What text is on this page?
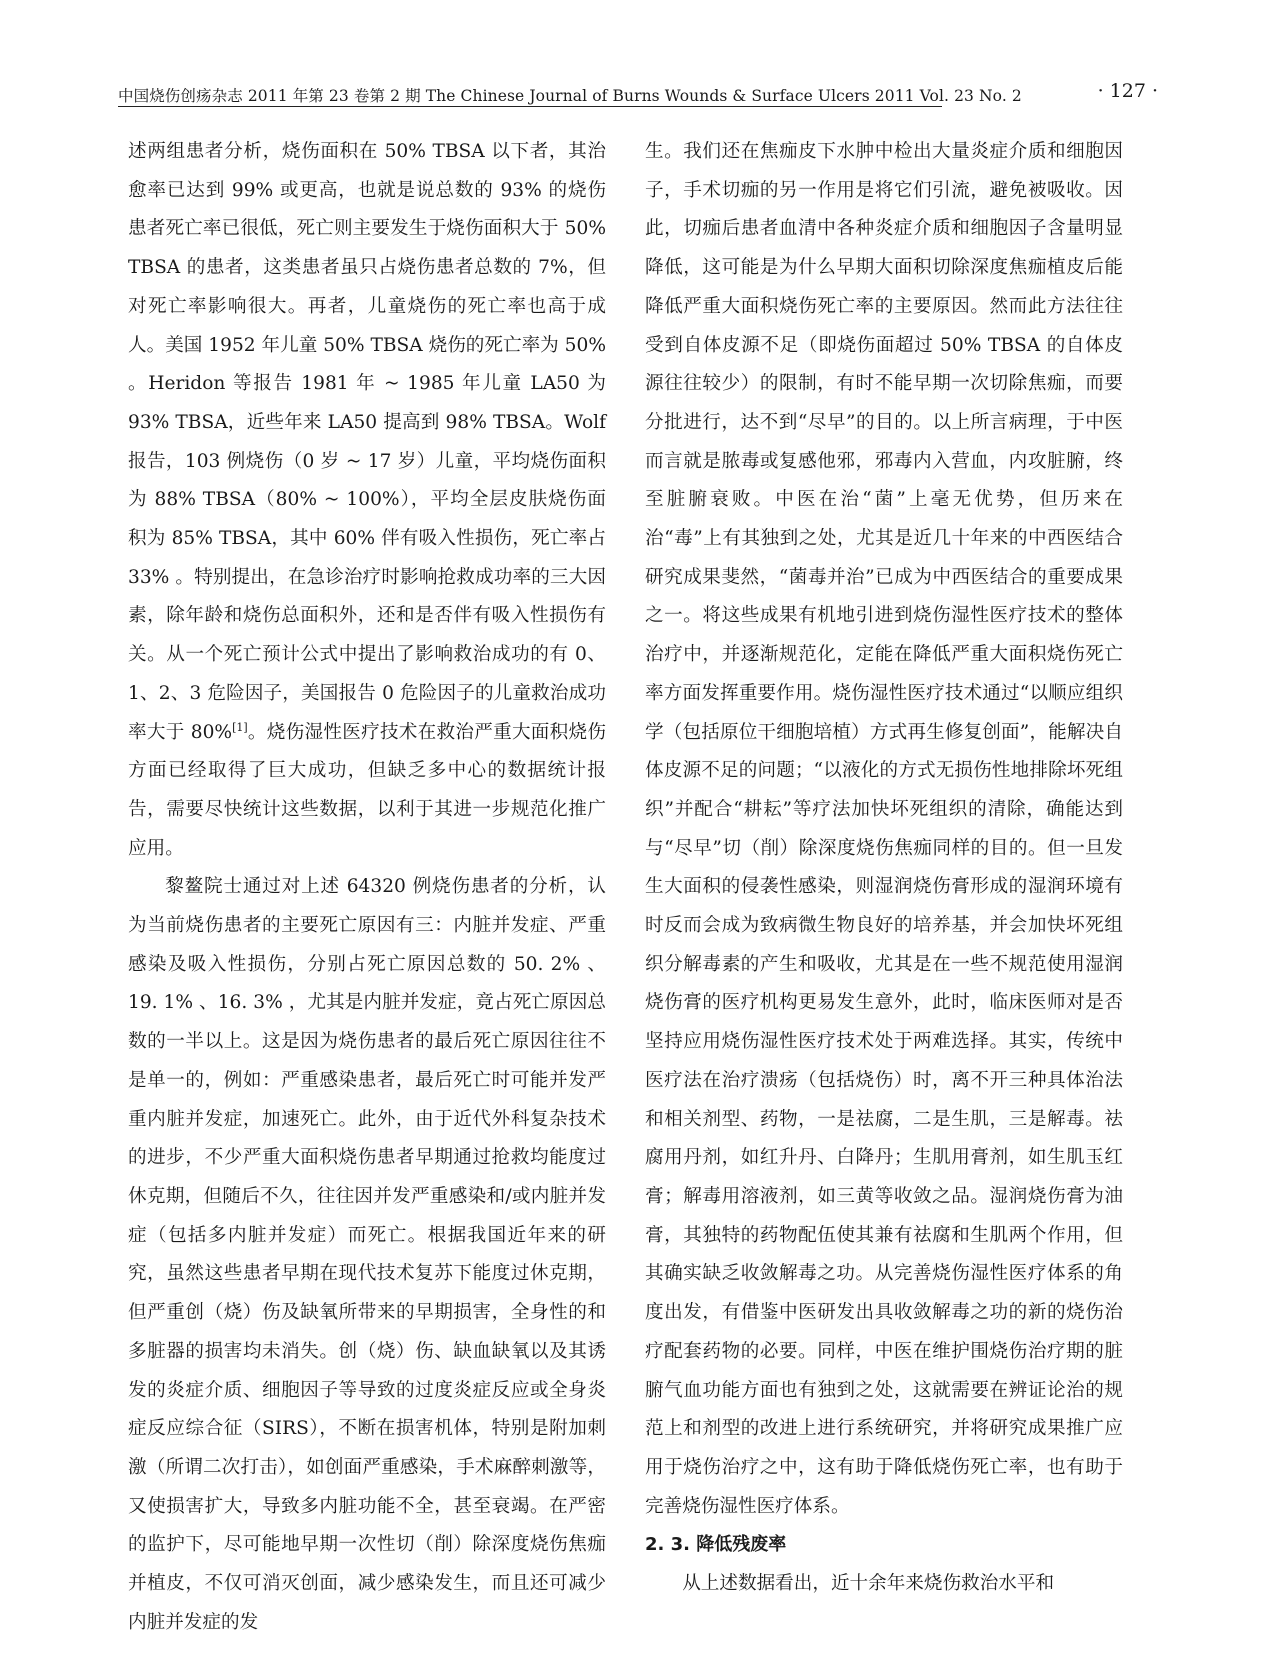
中国烧伤创疡杂志 2011 年第 23 卷第 2 期 The Chinese Journal of Burns Wounds & Surface Ulcers 2011 Vol. 23 No. 2	· 127 ·

述两组患者分析，烧伤面积在 50% TBSA 以下者，其治愈率已达到 99% 或更高，也就是说总数的 93% 的烧伤患者死亡率已很低，死亡则主要发生于烧伤面积大于 50% TBSA 的患者，这类患者虽只占烧伤患者总数的 7%，但对死亡率影响很大。再者，儿童烧伤的死亡率也高于成人。美国 1952 年儿童 50% TBSA 烧伤的死亡率为 50% 。Heridon 等报告 1981 年 ~ 1985 年儿童 LA50 为 93% TBSA，近些年来 LA50 提高到 98% TBSA。Wolf 报告，103 例烧伤（0 岁 ~ 17 岁）儿童，平均烧伤面积为 88% TBSA（80% ~ 100%），平均全层皮肤烧伤面积为 85% TBSA，其中 60% 伴有吸入性损伤，死亡率占 33% 。特别提出，在急诊治疗时影响抢救成功率的三大因素，除年龄和烧伤总面积外，还和是否伴有吸入性损伤有关。从一个死亡预计公式中提出了影响救治成功的有 0、1、2、3 危险因子，美国报告 0 危险因子的儿童救治成功率大于 80%[1]。烧伤湿性医疗技术在救治严重大面积烧伤方面已经取得了巨大成功，但缺乏多中心的数据统计报告，需要尽快统计这些数据，以利于其进一步规范化推广应用。

黎鳌院士通过对上述 64320 例烧伤患者的分析，认为当前烧伤患者的主要死亡原因有三：内脏并发症、严重感染及吸入性损伤，分别占死亡原因总数的 50. 2% 、19. 1% 、16. 3% ，尤其是内脏并发症，竟占死亡原因总数的一半以上。这是因为烧伤患者的最后死亡原因往往不是单一的，例如：严重感染患者，最后死亡时可能并发严重内脏并发症，加速死亡。此外，由于近代外科复杂技术的进步，不少严重大面积烧伤患者早期通过抢救均能度过休克期，但随后不久，往往因并发严重感染和/或内脏并发症（包括多内脏并发症）而死亡。根据我国近年来的研究，虽然这些患者早期在现代技术复苏下能度过休克期，但严重创（烧）伤及缺氧所带来的早期损害，全身性的和多脏器的损害均未消失。创（烧）伤、缺血缺氧以及其诱发的炎症介质、细胞因子等导致的过度炎症反应或全身炎症反应综合征（SIRS），不断在损害机体，特别是附加刺激（所谓二次打击），如创面严重感染，手术麻醉刺激等，又使损害扩大，导致多内脏功能不全，甚至衰竭。在严密的监护下，尽可能地早期一次性切（削）除深度烧伤焦痂并植皮，不仅可消灭创面，减少感染发生，而且还可减少内脏并发症的发

生。我们还在焦痂皮下水肿中检出大量炎症介质和细胞因子，手术切痂的另一作用是将它们引流，避免被吸收。因此，切痂后患者血清中各种炎症介质和细胞因子含量明显降低，这可能是为什么早期大面积切除深度焦痂植皮后能降低严重大面积烧伤死亡率的主要原因。然而此方法往往受到自体皮源不足（即烧伤面超过 50% TBSA 的自体皮源往往较少）的限制，有时不能早期一次切除焦痂，而要分批进行，达不到“尽早”的目的。以上所言病理，于中医而言就是脓毒或复感他邪，邪毒内入营血，内攻脏腑，终至脏腑衰败。中医在治“菌”上毫无优势，但历来在治“毒”上有其独到之处，尤其是近几十年来的中西医结合研究成果斐然，“菌毒并治”已成为中西医结合的重要成果之一。将这些成果有机地引进到烧伤湿性医疗技术的整体治疗中，并逐渐规范化，定能在降低严重大面积烧伤死亡率方面发挥重要作用。烧伤湿性医疗技术通过“以顺应组织学（包括原位干细胞培植）方式再生修复创面”，能解决自体皮源不足的问题；“以液化的方式无损伤性地排除坏死组织”并配合“耕耘”等疗法加快坏死组织的清除，确能达到与“尽早”切（削）除深度烧伤焦痂同样的目的。但一旦发生大面积的侵袭性感染，则湿润烧伤膏形成的湿润环境有时反而会成为致病微生物良好的培养基，并会加快坏死组织分解毒素的产生和吸收，尤其是在一些不规范使用湿润烧伤膏的医疗机构更易发生意外，此时，临床医师对是否坚持应用烧伤湿性医疗技术处于两难选择。其实，传统中医疗法在治疗溃疡（包括烧伤）时，离不开三种具体治法和相关剂型、药物，一是祛腐，二是生肌，三是解毒。祛腐用丹剂，如红升丹、白降丹；生肌用膏剂，如生肌玉红膏；解毒用溶液剂，如三黄等收敛之品。湿润烧伤膏为油膏，其独特的药物配伍使其兼有祛腐和生肌两个作用，但其确实缺乏收敛解毒之功。从完善烧伤湿性医疗体系的角度出发，有借鉴中医研发出具收敛解毒之功的新的烧伤治疗配套药物的必要。同样，中医在维护围烧伤治疗期的脏腑气血功能方面也有独到之处，这就需要在辨证论治的规范上和剂型的改进上进行系统研究，并将研究成果推广应用于烧伤治疗之中，这有助于降低烧伤死亡率，也有助于完善烧伤湿性医疗体系。

2. 3. 降低残废率

从上述数据看出，近十余年来烧伤救治水平和
